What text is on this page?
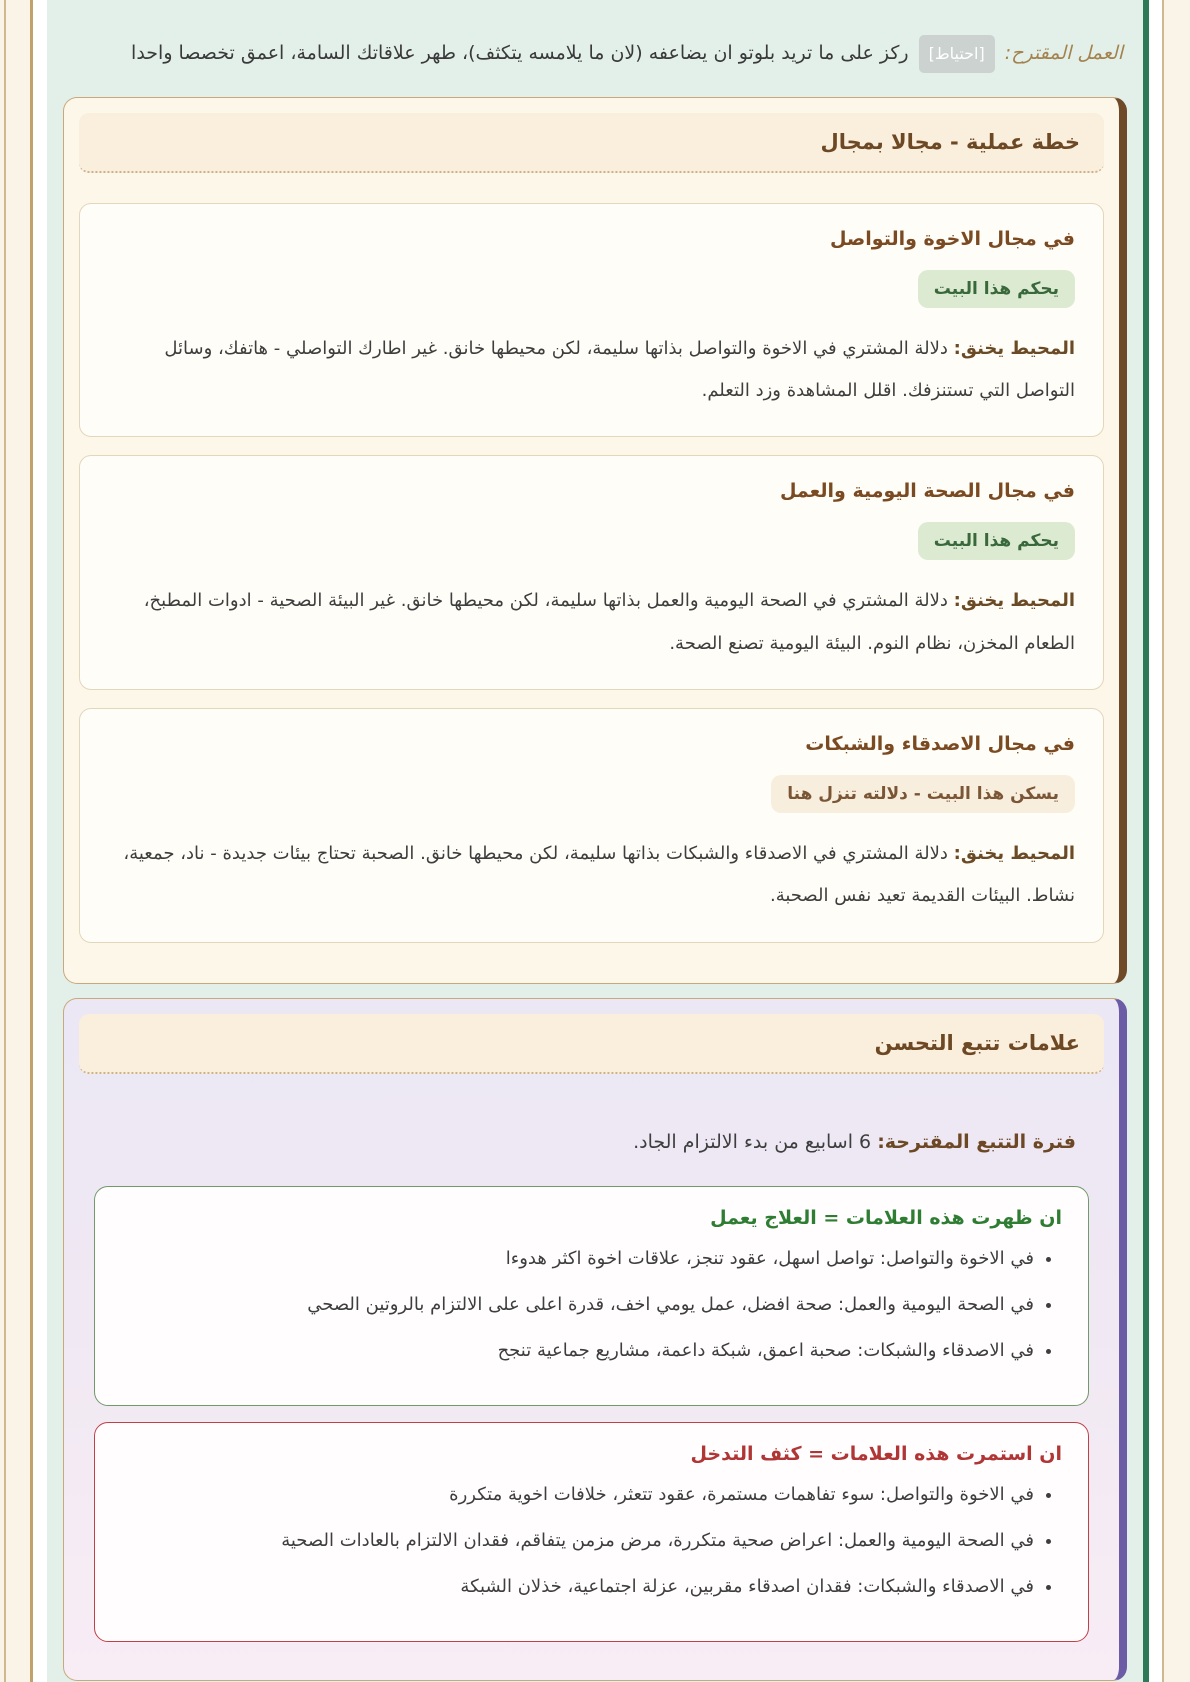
العمل المقترح: [احتياط] ركز على ما تريد بلوتو ان يضاعفه (لان ما يلامسه يتكثف)، طهر علاقاتك السامة، اعمق تخصصا واحدا

خطة عملية - مجالا بمجال
في مجال الاخوة والتواصل
يحكم هذا البيت

المحيط يخنق: دلالة المشتري في الاخوة والتواصل بذاتها سليمة، لكن محيطها خانق. غير اطارك التواصلي - هاتفك، وسائل التواصل التي تستنزفك. اقلل المشاهدة وزد التعلم.

في مجال الصحة اليومية والعمل
يحكم هذا البيت

المحيط يخنق: دلالة المشتري في الصحة اليومية والعمل بذاتها سليمة، لكن محيطها خانق. غير البيئة الصحية - ادوات المطبخ، الطعام المخزن، نظام النوم. البيئة اليومية تصنع الصحة.

في مجال الاصدقاء والشبكات
يسكن هذا البيت - دلالته تنزل هنا

المحيط يخنق: دلالة المشتري في الاصدقاء والشبكات بذاتها سليمة، لكن محيطها خانق. الصحبة تحتاج بيئات جديدة - ناد، جمعية، نشاط. البيئات القديمة تعيد نفس الصحبة.

علامات تتبع التحسن

فترة التتبع المقترحة: 6 اسابيع من بدء الالتزام الجاد.

ان ظهرت هذه العلامات = العلاج يعمل
• في الاخوة والتواصل: تواصل اسهل، عقود تنجز، علاقات اخوة اكثر هدوءا
• في الصحة اليومية والعمل: صحة افضل، عمل يومي اخف، قدرة اعلى على الالتزام بالروتين الصحي
• في الاصدقاء والشبكات: صحبة اعمق، شبكة داعمة، مشاريع جماعية تنجح
ان استمرت هذه العلامات = كثف التدخل
• في الاخوة والتواصل: سوء تفاهمات مستمرة، عقود تتعثر، خلافات اخوية متكررة
• في الصحة اليومية والعمل: اعراض صحية متكررة، مرض مزمن يتفاقم، فقدان الالتزام بالعادات الصحية
• في الاصدقاء والشبكات: فقدان اصدقاء مقربين، عزلة اجتماعية، خذلان الشبكة
